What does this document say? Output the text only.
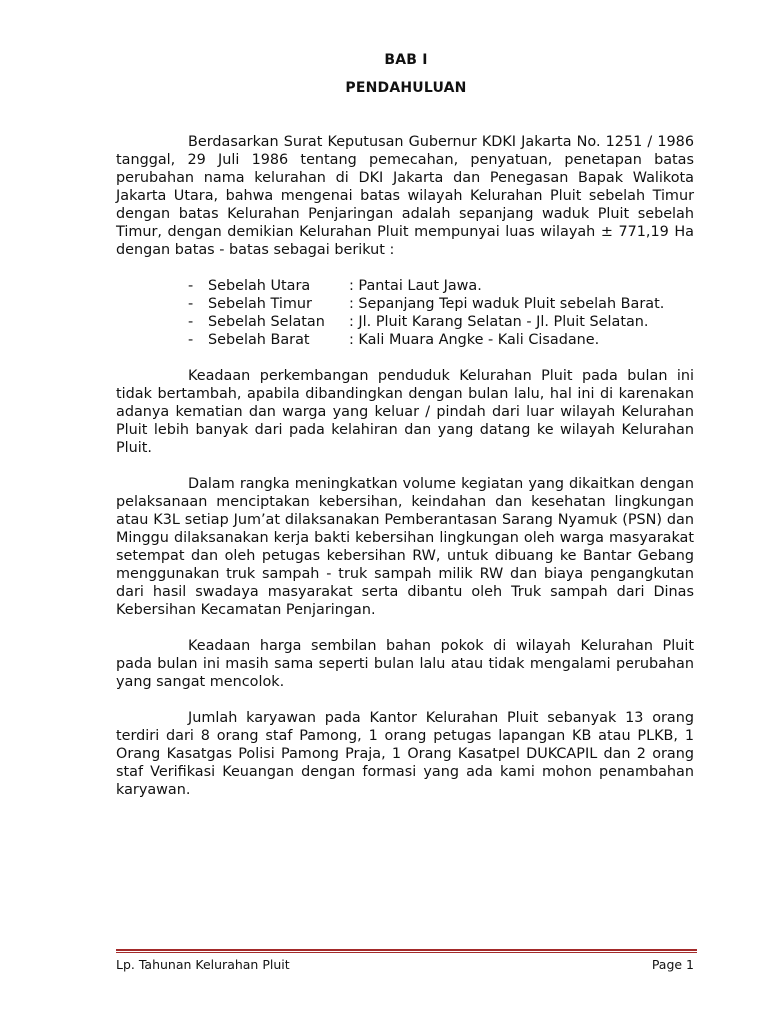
BAB I
PENDAHULUAN

Berdasarkan Surat Keputusan Gubernur KDKI Jakarta No. 1251 / 1986 tanggal, 29 Juli 1986 tentang pemecahan, penyatuan, penetapan batas perubahan nama kelurahan di DKI Jakarta dan Penegasan Bapak Walikota Jakarta Utara, bahwa mengenai batas wilayah Kelurahan Pluit sebelah Timur dengan batas Kelurahan Penjaringan adalah sepanjang waduk Pluit sebelah Timur, dengan demikian Kelurahan Pluit mempunyai luas wilayah ± 771,19 Ha dengan batas - batas sebagai berikut :

-	Sebelah Utara	: Pantai Laut Jawa.
-	Sebelah Timur	: Sepanjang Tepi waduk Pluit sebelah Barat.
-	Sebelah Selatan	: Jl. Pluit Karang Selatan - Jl. Pluit Selatan.
-	Sebelah Barat	: Kali Muara Angke - Kali Cisadane.

Keadaan perkembangan penduduk Kelurahan Pluit pada bulan ini tidak bertambah, apabila dibandingkan dengan bulan lalu, hal ini di karenakan adanya kematian dan warga yang keluar / pindah dari luar wilayah Kelurahan Pluit lebih banyak dari pada kelahiran dan yang datang ke wilayah Kelurahan Pluit.

Dalam rangka meningkatkan volume kegiatan yang dikaitkan dengan pelaksanaan menciptakan kebersihan, keindahan dan kesehatan lingkungan atau K3L setiap Jum’at dilaksanakan Pemberantasan Sarang Nyamuk (PSN) dan Minggu dilaksanakan kerja bakti kebersihan lingkungan oleh warga masyarakat setempat dan oleh petugas kebersihan RW, untuk dibuang ke Bantar Gebang menggunakan truk sampah - truk sampah milik RW dan biaya pengangkutan dari hasil swadaya masyarakat serta dibantu oleh Truk sampah dari Dinas Kebersihan Kecamatan Penjaringan.

Keadaan harga sembilan bahan pokok di wilayah Kelurahan Pluit pada bulan ini masih sama seperti bulan lalu atau tidak mengalami perubahan yang sangat mencolok.

Jumlah karyawan pada Kantor Kelurahan Pluit sebanyak 13 orang terdiri dari 8 orang staf Pamong, 1 orang petugas lapangan KB atau PLKB, 1 Orang Kasatgas Polisi Pamong Praja, 1 Orang Kasatpel DUKCAPIL dan 2 orang staf Verifikasi Keuangan dengan formasi yang ada kami mohon penambahan karyawan.

Lp. Tahunan Kelurahan Pluit	Page 1
